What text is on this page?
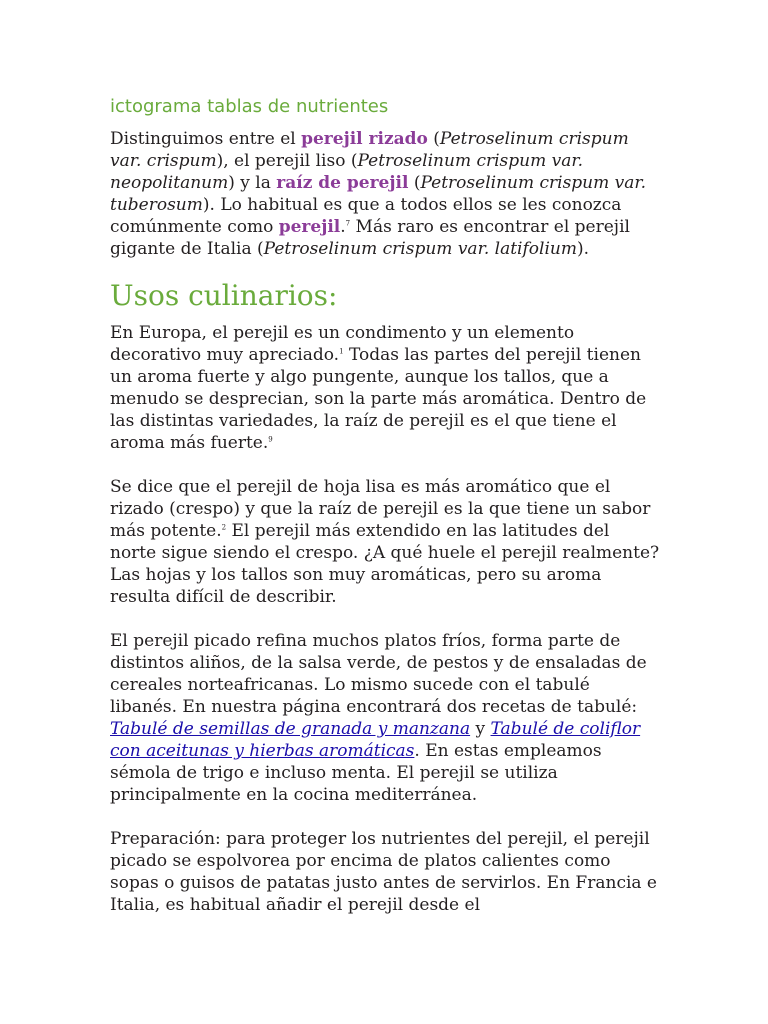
ictograma tablas de nutrientes

Distinguimos entre el perejil rizado (Petroselinum crispum var. crispum), el perejil liso (Petroselinum crispum var. neopolitanum) y la raíz de perejil (Petroselinum crispum var. tuberosum). Lo habitual es que a todos ellos se les conozca comúnmente como perejil.$^7$ Más raro es encontrar el perejil gigante de Italia (Petroselinum crispum var. latifolium).

Usos culinarios:

En Europa, el perejil es un condimento y un elemento decorativo muy apreciado.$^1$ Todas las partes del perejil tienen un aroma fuerte y algo pungente, aunque los tallos, que a menudo se desprecian, son la parte más aromática. Dentro de las distintas variedades, la raíz de perejil es el que tiene el aroma más fuerte.$^9$

Se dice que el perejil de hoja lisa es más aromático que el rizado (crespo) y que la raíz de perejil es la que tiene un sabor más potente.$^2$ El perejil más extendido en las latitudes del norte sigue siendo el crespo. ¿A qué huele el perejil realmente? Las hojas y los tallos son muy aromáticas, pero su aroma resulta difícil de describir.

El perejil picado refina muchos platos fríos, forma parte de distintos aliños, de la salsa verde, de pestos y de ensaladas de cereales norteafricanas. Lo mismo sucede con el tabulé libanés. En nuestra página encontrará dos recetas de tabulé: Tabulé de semillas de granada y manzana y Tabulé de coliflor con aceitunas y hierbas aromáticas. En estas empleamos sémola de trigo e incluso menta. El perejil se utiliza principalmente en la cocina mediterránea.

Preparación: para proteger los nutrientes del perejil, el perejil picado se espolvorea por encima de platos calientes como sopas o guisos de patatas justo antes de servirlos. En Francia e Italia, es habitual añadir el perejil desde el
